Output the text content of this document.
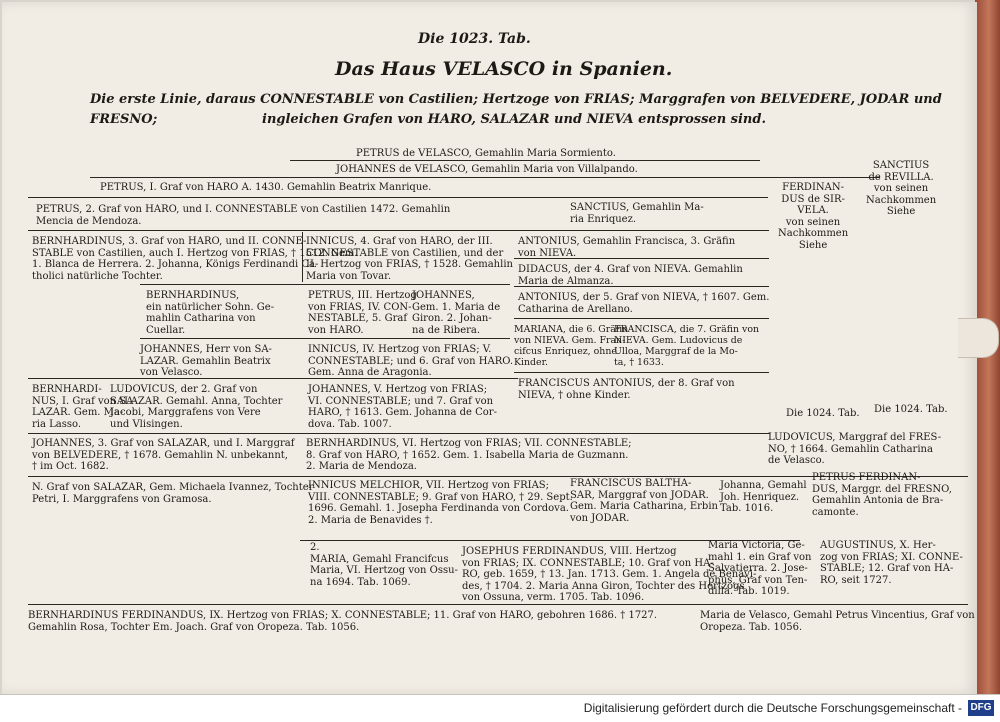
Die 1023. Tab.
Das Haus VELASCO in Spanien.
Die erste Linie, daraus CONNESTABLE von Castilien; Hertzoge von FRIAS; Marggrafen von BELVEDERE, JODAR und FRESNO;	ingleichen Grafen von HARO, SALAZAR und NIEVA entsprossen sind.
PETRUS de VELASCO, Gemahlin Maria Sormiento.
JOHANNES de VELASCO, Gemahlin Maria von Villalpando.
PETRUS, I. Graf von HARO A. 1430. Gemahlin Beatrix Manrique.
PETRUS, 2. Graf von HARO, und I. CONNESTABLE von Castilien 1472. Gemahlin
Mencia de Mendoza.
SANCTIUS, Gemahlin Ma-
ria Enriquez.
FERDINAN-
DUS de SIR-
VELA.
von seinen
Nachkommen
Siehe
SANCTIUS
de REVILLA.
von seinen
Nachkommen
Siehe
BERNHARDINUS, 3. Graf von HARO, und II. CONNE-
STABLE von Castilien, auch I. Hertzog von FRIAS, † 1512. Gem.
1. Blanca de Herrera. 2. Johanna, Königs Ferdinandi Ca-
tholici natürliche Tochter.
INNICUS, 4. Graf von HARO, der III.
CONNESTABLE von Castilien, und der
II. Hertzog von FRIAS, † 1528. Gemahlin
Maria von Tovar.
BERNHARDINUS,
ein natürlicher Sohn. Ge-
mahlin Catharina von
Cuellar.
PETRUS, III. Hertzog
von FRIAS, IV. CON-
NESTABLE, 5. Graf
von HARO.
JOHANNES,
Gem. 1. Maria de
Giron. 2. Johan-
na de Ribera.
JOHANNES, Herr von SA-
LAZAR. Gemahlin Beatrix
von Velasco.
INNICUS, IV. Hertzog von FRIAS; V.
CONNESTABLE; und 6. Graf von HARO.
Gem. Anna de Aragonia.
BERNHARDI-
NUS, I. Graf von SA-
LAZAR. Gem. Ma-
ria Lasso.
LUDOVICUS, der 2. Graf von
SALAZAR. Gemahl. Anna, Tochter
Jacobi, Marggrafens von Vere
und Vlisingen.
JOHANNES, V. Hertzog von FRIAS;
VI. CONNESTABLE; und 7. Graf von
HARO, † 1613. Gem. Johanna de Cor-
dova. Tab. 1007.
JOHANNES, 3. Graf von SALAZAR, und I. Marggraf
von BELVEDERE, † 1678. Gemahlin N. unbekannt,
† im Oct. 1682.
ANTONIUS, Gemahlin Francisca, 3. Gräfin
von NIEVA.
DIDACUS, der 4. Graf von NIEVA. Gemahlin
Maria de Almanza.
ANTONIUS, der 5. Graf von NIEVA, † 1607. Gem.
Catharina de Arellano.
MARIANA, die 6. Gräfin
von NIEVA. Gem. Fran-
cifcus Enriquez, ohne
Kinder.
FRANCISCA, die 7. Gräfin von
NIEVA. Gem. Ludovicus de
Ulloa, Marggraf de la Mo-
ta, † 1633.
FRANCISCUS ANTONIUS, der 8. Graf von
NIEVA, † ohne Kinder.
Die 1024. Tab. Die 1024. Tab.
BERNHARDINUS, VI. Hertzog von FRIAS; VII. CONNESTABLE;
8. Graf von HARO, † 1652. Gem. 1. Isabella Maria de Guzmann.
2. Maria de Mendoza.
LUDOVICUS, Marggraf del FRES-
NO, † 1664. Gemahlin Catharina
de Velasco.
N. Graf von SALAZAR, Gem. Michaela Ivannez, Tochter
Petri, I. Marggrafens von Gramosa.
INNICUS MELCHIOR, VII. Hertzog von FRIAS;
VIII. CONNESTABLE; 9. Graf von HARO, † 29. Sept.
1696. Gemahl. 1. Josepha Ferdinanda von Cordova.
2. Maria de Benavides †.
FRANCISCUS BALTHA-
SAR, Marggraf von JODAR.
Gem. Maria Catharina, Erbin
von JODAR.
Johanna, Gemahl
Joh. Henriquez.
Tab. 1016.
PETRUS FERDINAN-
DUS, Marggr. del FRESNO,
Gemahlin Antonia de Bra-
camonte.
2.
MARIA, Gemahl Francifcus
Maria, VI. Hertzog von Ossu-
na 1694. Tab. 1069.
JOSEPHUS FERDINANDUS, VIII. Hertzog
von FRIAS; IX. CONNESTABLE; 10. Graf von HA-
RO, geb. 1659, † 13. Jan. 1713. Gem. 1. Angela de Benavi-
des, † 1704. 2. Maria Anna Giron, Tochter des Hertzogs
von Ossuna, verm. 1705. Tab. 1096.
Maria Victoria, Ge-
mahl 1. ein Graf von
Salvatierra. 2. Jose-
phus, Graf von Ten-
dilla. Tab. 1019.
AUGUSTINUS, X. Her-
zog von FRIAS; XI. CONNE-
STABLE; 12. Graf von HA-
RO, seit 1727.
BERNHARDINUS FERDINANDUS, IX. Hertzog von FRIAS; X. CONNESTABLE; 11. Graf von HARO, gebohren 1686. † 1727.
Gemahlin Rosa, Tochter Em. Joach. Graf von Oropeza. Tab. 1056.
Maria de Velasco, Gemahl Petrus Vincentius, Graf von
Oropeza. Tab. 1056.
Digitalisierung gefördert durch die Deutsche Forschungsgemeinschaft - DFG
